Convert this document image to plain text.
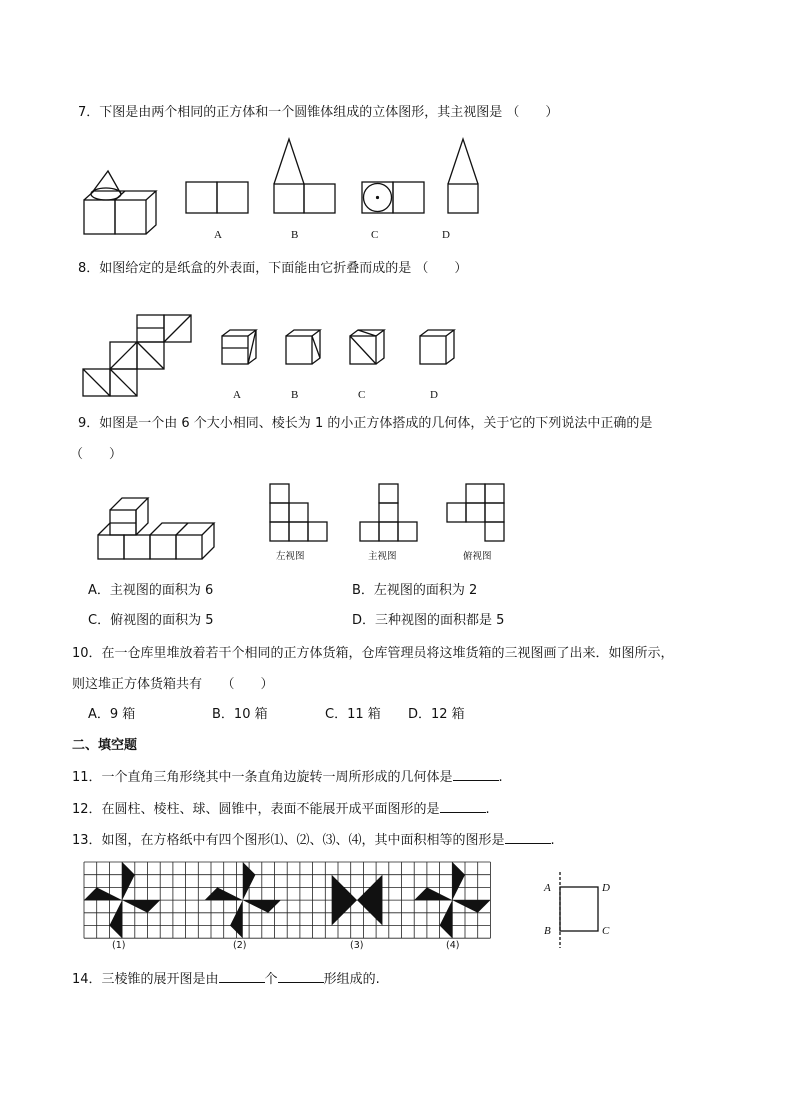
7．下图是由两个相同的正方体和一个圆锥体组成的立体图形，其主视图是 （　　）
A	B	C	D
8．如图给定的是纸盒的外表面，下面能由它折叠而成的是 （　　）
A	B	C	D
9．如图是一个由 6 个大小相同、棱长为 1 的小正方体搭成的几何体，关于它的下列说法中正确的是
（　　）
左视图	主视图	俯视图
A．主视图的面积为 6	B．左视图的面积为 2
C．俯视图的面积为 5	D．三种视图的面积都是 5
10．在一仓库里堆放着若干个相同的正方体货箱，仓库管理员将这堆货箱的三视图画了出来．如图所示，
则这堆正方体货箱共有　　（　　）
A．9 箱	B．10 箱	C．11 箱 D．12 箱
二、填空题
11．一个直角三角形绕其中一条直角边旋转一周所形成的几何体是	.
12．在圆柱、棱柱、球、圆锥中，表面不能展开成平面图形的是	.
13．如图，在方格纸中有四个图形⑴、⑵、⑶、⑷，其中面积相等的图形是	.
(1)	(2)	(3)	(4)
A	D
B	C
14．三棱锥的展开图是由	个	形组成的.
